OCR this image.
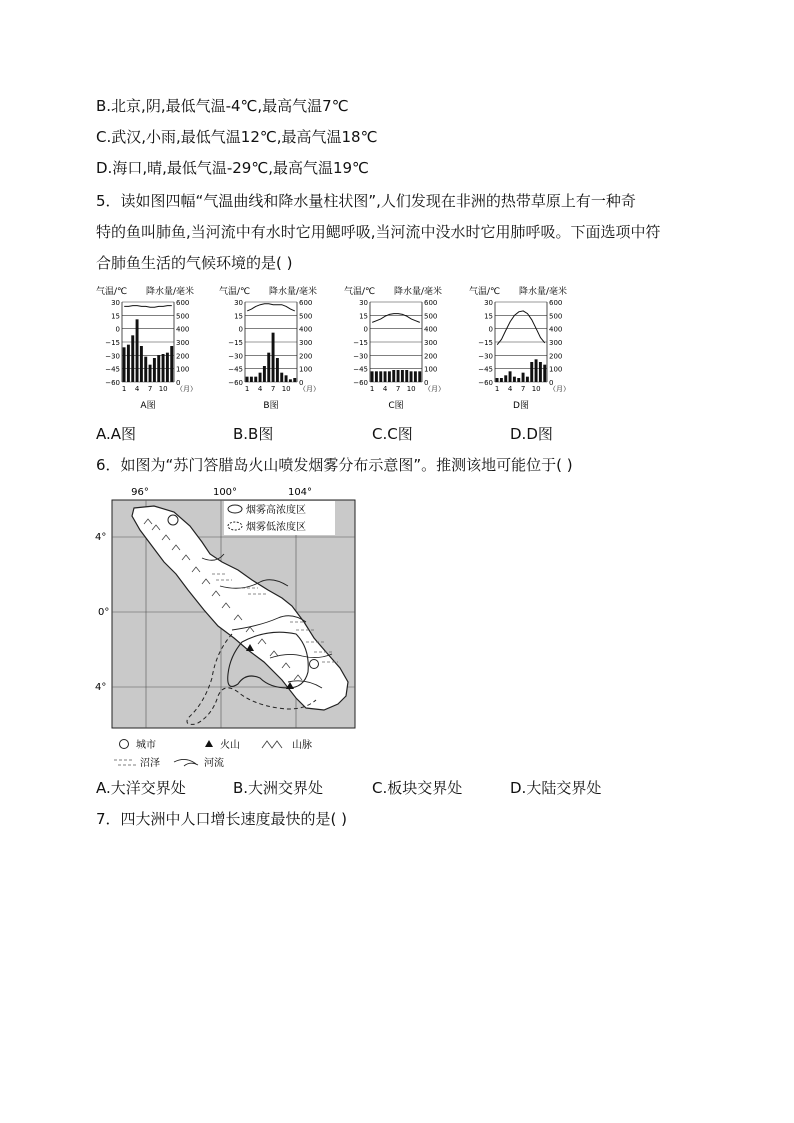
B.北京,阴,最低气温-4℃,最高气温7℃
C.武汉,小雨,最低气温12℃,最高气温18℃
D.海口,晴,最低气温-29℃,最高气温19℃
5．读如图四幅“气温曲线和降水量柱状图”,人们发现在非洲的热带草原上有一种奇
特的鱼叫肺鱼,当河流中有水时它用鳃呼吸,当河流中没水时它用肺呼吸。下面选项中符
合肺鱼生活的气候环境的是( )
气温/℃ 降水量/毫米
30	600
15	500
0	400
−15	300
−30	200
−45	100
−60	0
1 4 7 10 （月）
A图
气温/℃ 降水量/毫米
30	600
15	500
0	400
−15	300
−30	200
−45	100
−60	0
1 4 7 10 （月）
B图
气温/℃ 降水量/毫米
30	600
15	500
0	400
−15	300
−30	200
−45	100
−60	0
1 4 7 10 （月）
C图
气温/℃ 降水量/毫米
30	600
15	500
0	400
−15	300
−30	200
−45	100
−60	0
1 4 7 10 （月）
D图
A.A图	B.B图	C.C图	D.D图
6．如图为“苏门答腊岛火山喷发烟雾分布示意图”。推测该地可能位于( )
96°	100°	104°
4°
0°
4°
烟雾高浓度区
烟雾低浓度区
城市	火山	山脉
沼泽	河流
A.大洋交界处	B.大洲交界处	C.板块交界处	D.大陆交界处
7．四大洲中人口增长速度最快的是( )
